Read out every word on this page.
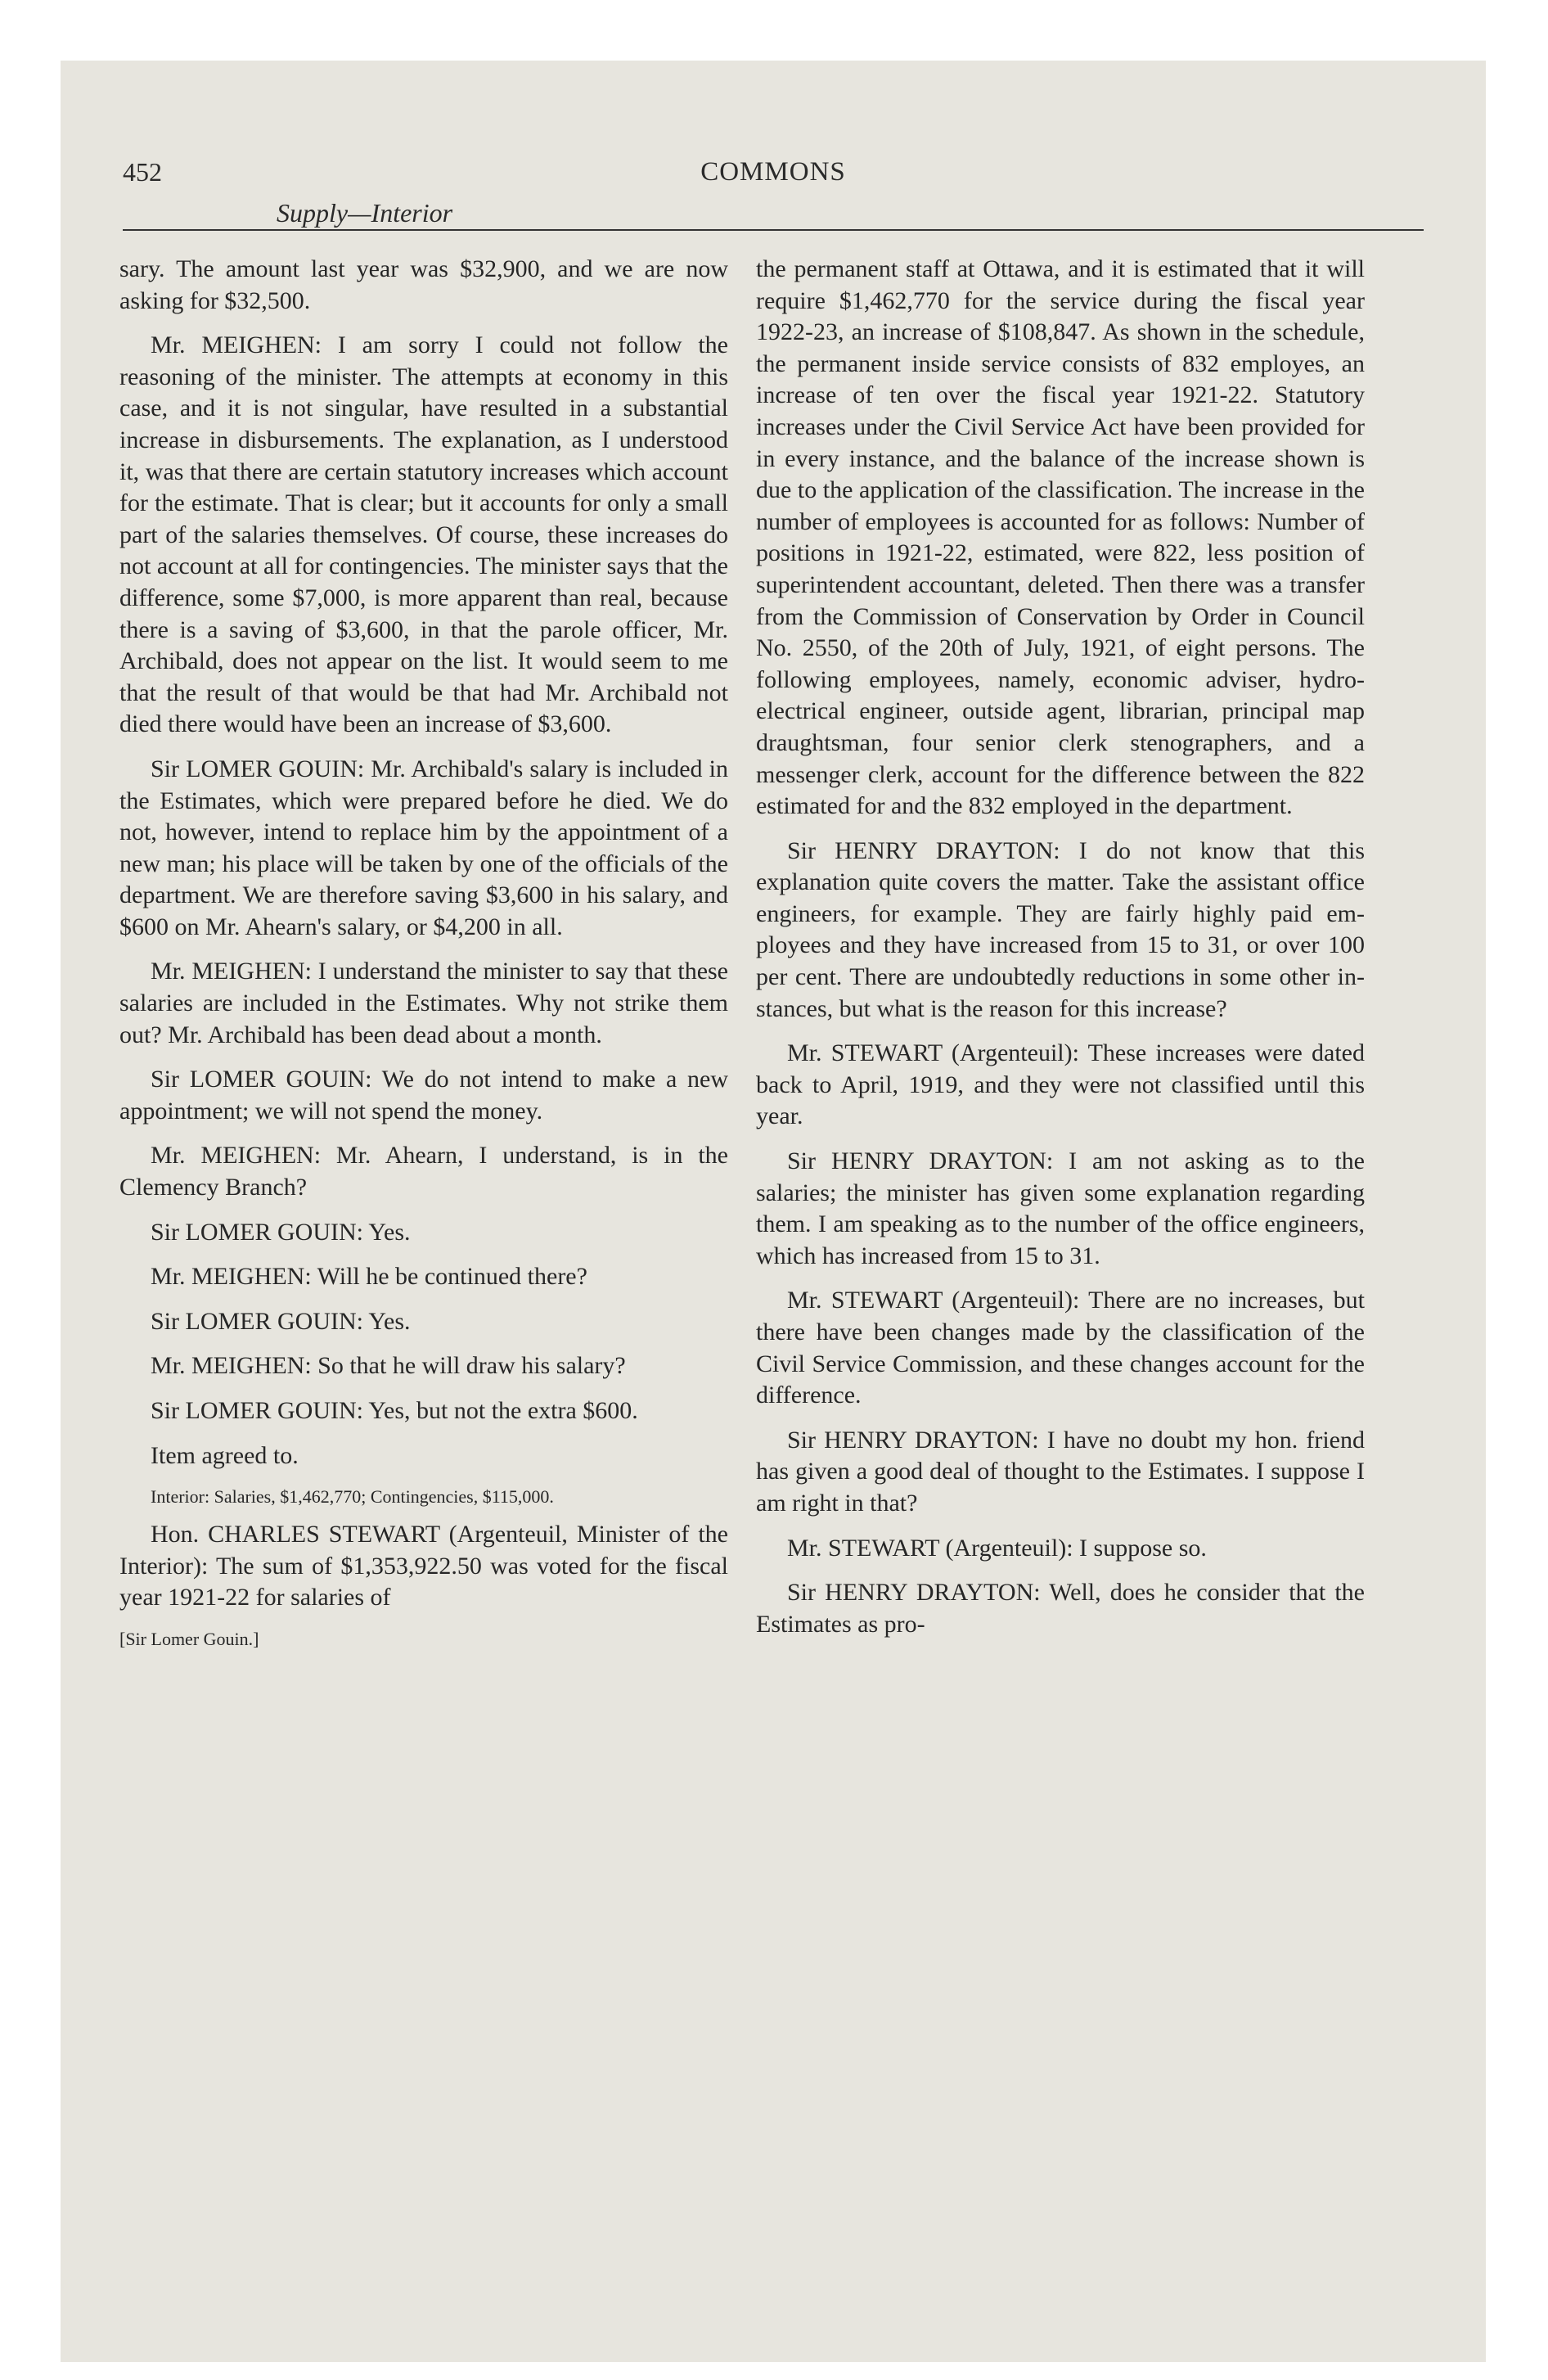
452	COMMONS
Supply—Interior

sary. The amount last year was $32,900, and we are now asking for $32,500.

Mr. MEIGHEN: I am sorry I could not follow the reasoning of the minister. The attempts at economy in this case, and it is not singular, have resulted in a substantial increase in disbursements. The explanation, as I understood it, was that there are certain statutory increases which account for the estimate. That is clear; but it accounts for only a small part of the salaries themselves. Of course, these increases do not account at all for contingencies. The minister says that the difference, some $7,000, is more apparent than real, because there is a saving of $3,600, in that the parole officer, Mr. Archibald, does not appear on the list. It would seem to me that the result of that would be that had Mr. Archibald not died there would have been an increase of $3,600.

Sir LOMER GOUIN: Mr. Archibald's salary is included in the Estimates, which were prepared before he died. We do not, however, intend to replace him by the appointment of a new man; his place will be taken by one of the officials of the department. We are therefore saving $3,600 in his salary, and $600 on Mr. Ahearn's salary, or $4,200 in all.

Mr. MEIGHEN: I understand the minister to say that these salaries are included in the Estimates. Why not strike them out? Mr. Archibald has been dead about a month.

Sir LOMER GOUIN: We do not intend to make a new appointment; we will not spend the money.

Mr. MEIGHEN: Mr. Ahearn, I understand, is in the Clemency Branch?

Sir LOMER GOUIN: Yes.

Mr. MEIGHEN: Will he be continued there?

Sir LOMER GOUIN: Yes.

Mr. MEIGHEN: So that he will draw his salary?

Sir LOMER GOUIN: Yes, but not the extra $600.

Item agreed to.

Interior: Salaries, $1,462,770; Contingencies, $115,000.

Hon. CHARLES STEWART (Argenteuil, Minister of the Interior): The sum of $1,353,922.50 was voted for the fiscal year 1921-22 for salaries of

[Sir Lomer Gouin.]

the permanent staff at Ottawa, and it is estimated that it will require $1,462,770 for the service during the fiscal year 1922-23, an increase of $108,847. As shown in the schedule, the permanent inside service consists of 832 employes, an increase of ten over the fiscal year 1921-22. Statutory increases under the Civil Service Act have been provided for in every instance, and the balance of the increase shown is due to the application of the classification. The increase in the number of employees is accounted for as follows: Number of positions in 1921-22, estimated, were 822, less position of superintendent accountant, deleted. Then there was a transfer from the Commission of Conservation by Order in Council No. 2550, of the 20th of July, 1921, of eight persons. The following employees, namely, economic adviser, hydro-electrical engineer, outside agent, librarian, principal map draughtsman, four senior clerk stenographers, and a messenger clerk, account for the difference between the 822 estimated for and the 832 employed in the department.

Sir HENRY DRAYTON: I do not know that this explanation quite covers the matter. Take the assistant office engineers, for example. They are fairly highly paid employees and they have increased from 15 to 31, or over 100 per cent. There are undoubtedly reductions in some other instances, but what is the reason for this increase?

Mr. STEWART (Argenteuil): These increases were dated back to April, 1919, and they were not classified until this year.

Sir HENRY DRAYTON: I am not asking as to the salaries; the minister has given some explanation regarding them. I am speaking as to the number of the office engineers, which has increased from 15 to 31.

Mr. STEWART (Argenteuil): There are no increases, but there have been changes made by the classification of the Civil Service Commission, and these changes account for the difference.

Sir HENRY DRAYTON: I have no doubt my hon. friend has given a good deal of thought to the Estimates. I suppose I am right in that?

Mr. STEWART (Argenteuil): I suppose so.

Sir HENRY DRAYTON: Well, does he consider that the Estimates as pro-
